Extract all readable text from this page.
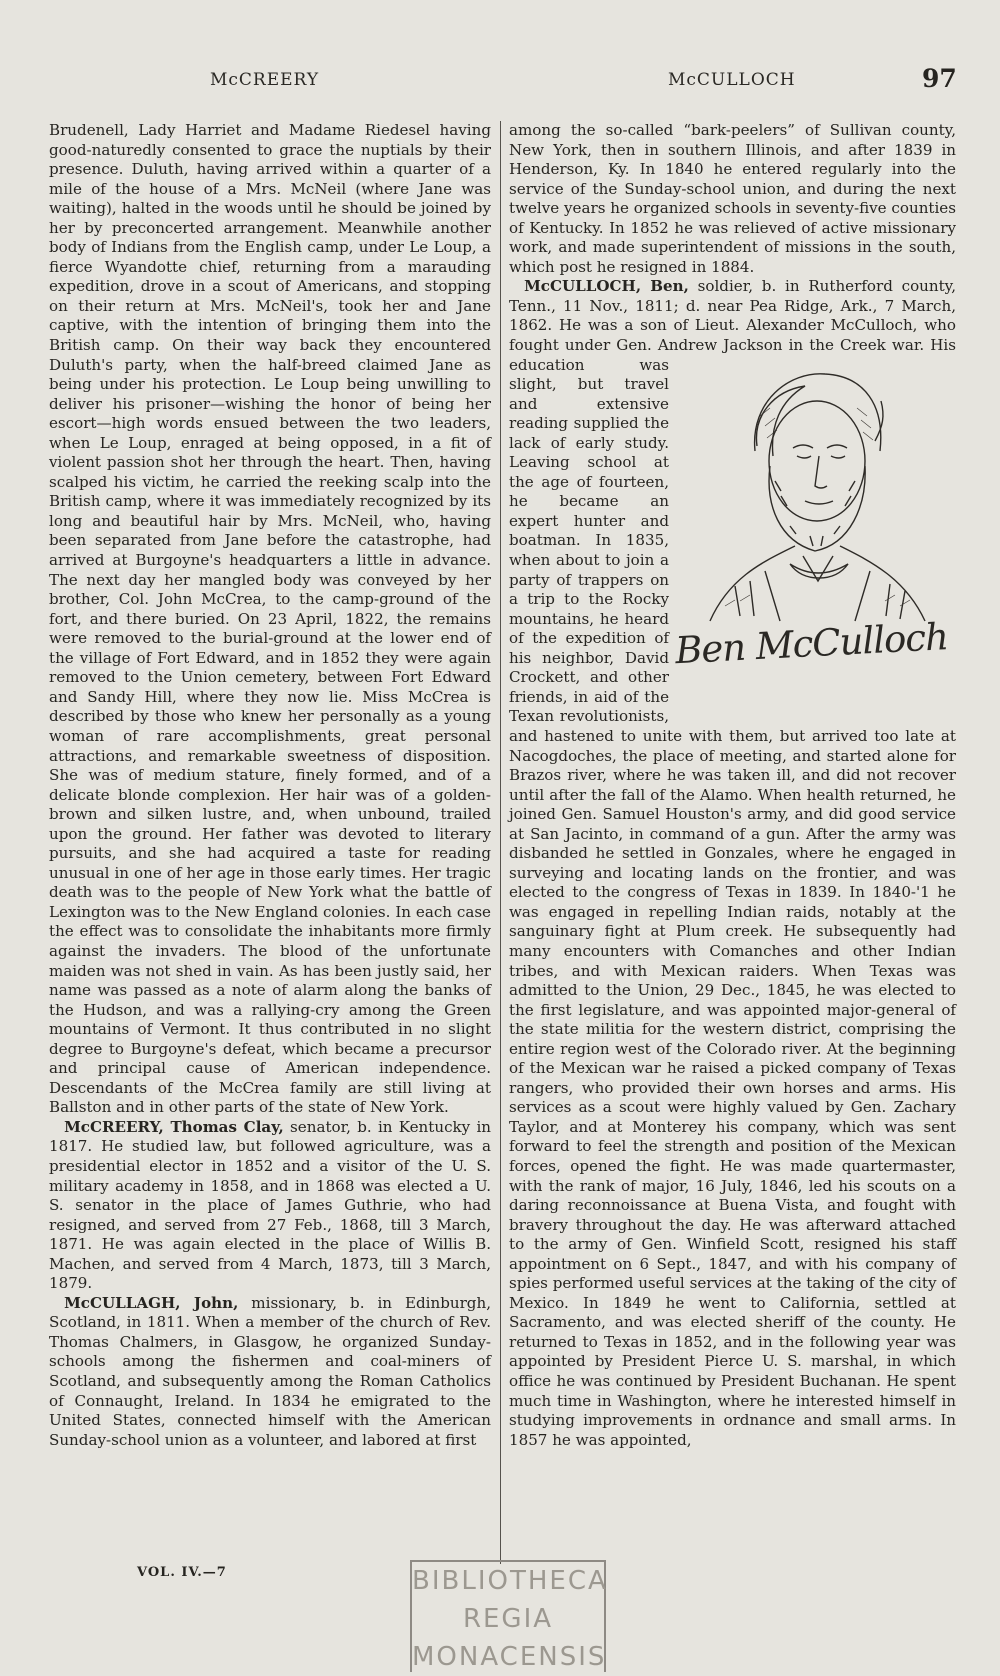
McCREERY	McCULLOCH	97

Brudenell, Lady Harriet and Madame Riedesel having good-naturedly consented to grace the nuptials by their presence. Duluth, having arrived within a quarter of a mile of the house of a Mrs. McNeil (where Jane was waiting), halted in the woods until he should be joined by her by preconcerted arrangement. Meanwhile another body of Indians from the English camp, under Le Loup, a fierce Wyandotte chief, returning from a marauding expedition, drove in a scout of Americans, and stopping on their return at Mrs. McNeil's, took her and Jane captive, with the intention of bringing them into the British camp. On their way back they encountered Duluth's party, when the half-breed claimed Jane as being under his protection. Le Loup being unwilling to deliver his prisoner—wishing the honor of being her escort—high words ensued between the two leaders, when Le Loup, enraged at being opposed, in a fit of violent passion shot her through the heart. Then, having scalped his victim, he carried the reeking scalp into the British camp, where it was immediately recognized by its long and beautiful hair by Mrs. McNeil, who, having been separated from Jane before the catastrophe, had arrived at Burgoyne's headquarters a little in advance. The next day her mangled body was conveyed by her brother, Col. John McCrea, to the camp-ground of the fort, and there buried. On 23 April, 1822, the remains were removed to the burial-ground at the lower end of the village of Fort Edward, and in 1852 they were again removed to the Union cemetery, between Fort Edward and Sandy Hill, where they now lie. Miss McCrea is described by those who knew her personally as a young woman of rare accomplishments, great personal attractions, and remarkable sweetness of disposition. She was of medium stature, finely formed, and of a delicate blonde complexion. Her hair was of a golden-brown and silken lustre, and, when unbound, trailed upon the ground. Her father was devoted to literary pursuits, and she had acquired a taste for reading unusual in one of her age in those early times. Her tragic death was to the people of New York what the battle of Lexington was to the New England colonies. In each case the effect was to consolidate the inhabitants more firmly against the invaders. The blood of the unfortunate maiden was not shed in vain. As has been justly said, her name was passed as a note of alarm along the banks of the Hudson, and was a rallying-cry among the Green mountains of Vermont. It thus contributed in no slight degree to Burgoyne's defeat, which became a precursor and principal cause of American independence. Descendants of the McCrea family are still living at Ballston and in other parts of the state of New York.

 McCREERY, Thomas Clay, senator, b. in Kentucky in 1817. He studied law, but followed agriculture, was a presidential elector in 1852 and a visitor of the U. S. military academy in 1858, and in 1868 was elected a U. S. senator in the place of James Guthrie, who had resigned, and served from 27 Feb., 1868, till 3 March, 1871. He was again elected in the place of Willis B. Machen, and served from 4 March, 1873, till 3 March, 1879.

 McCULLAGH, John, missionary, b. in Edinburgh, Scotland, in 1811. When a member of the church of Rev. Thomas Chalmers, in Glasgow, he organized Sunday-schools among the fishermen and coal-miners of Scotland, and subsequently among the Roman Catholics of Connaught, Ireland. In 1834 he emigrated to the United States, connected himself with the American Sunday-school union as a volunteer, and labored at first

among the so-called “bark-peelers” of Sullivan county, New York, then in southern Illinois, and after 1839 in Henderson, Ky. In 1840 he entered regularly into the service of the Sunday-school union, and during the next twelve years he organized schools in seventy-five counties of Kentucky. In 1852 he was relieved of active missionary work, and made superintendent of missions in the south, which post he resigned in 1884.

 McCULLOCH, Ben, soldier, b. in Rutherford county, Tenn., 11 Nov., 1811; d. near Pea Ridge, Ark., 7 March, 1862. He was a son of Lieut. Alexander McCulloch, who fought under Gen. Andrew
Ben McCulloch
Jackson in the Creek war. His education was slight, but travel and extensive reading supplied the lack of early study. Leaving school at the age of fourteen, he became an expert hunter and boatman. In 1835, when about to join a party of trappers on a trip to the Rocky mountains, he heard of the expedition of his neighbor, David Crockett, and other friends, in aid of the Texan revolutionists, and hastened to unite with them, but arrived too late at Nacogdoches, the place of meeting, and started alone for Brazos river, where he was taken ill, and did not recover until after the fall of the Alamo. When health returned, he joined Gen. Samuel Houston's army, and did good service at San Jacinto, in command of a gun. After the army was disbanded he settled in Gonzales, where he engaged in surveying and locating lands on the frontier, and was elected to the congress of Texas in 1839. In 1840-'1 he was engaged in repelling Indian raids, notably at the sanguinary fight at Plum creek. He subsequently had many encounters with Comanches and other Indian tribes, and with Mexican raiders. When Texas was admitted to the Union, 29 Dec., 1845, he was elected to the first legislature, and was appointed major-general of the state militia for the western district, comprising the entire region west of the Colorado river. At the beginning of the Mexican war he raised a picked company of Texas rangers, who provided their own horses and arms. His services as a scout were highly valued by Gen. Zachary Taylor, and at Monterey his company, which was sent forward to feel the strength and position of the Mexican forces, opened the fight. He was made quartermaster, with the rank of major, 16 July, 1846, led his scouts on a daring reconnoissance at Buena Vista, and fought with bravery throughout the day. He was afterward attached to the army of Gen. Winfield Scott, resigned his staff appointment on 6 Sept., 1847, and with his company of spies performed useful services at the taking of the city of Mexico. In 1849 he went to California, settled at Sacramento, and was elected sheriff of the county. He returned to Texas in 1852, and in the following year was appointed by President Pierce U. S. marshal, in which office he was continued by President Buchanan. He spent much time in Washington, where he interested himself in studying improvements in ordnance and small arms. In 1857 he was appointed,

VOL. IV.—7	BIBLIOTHECA
REGIA
MONACENSIS
